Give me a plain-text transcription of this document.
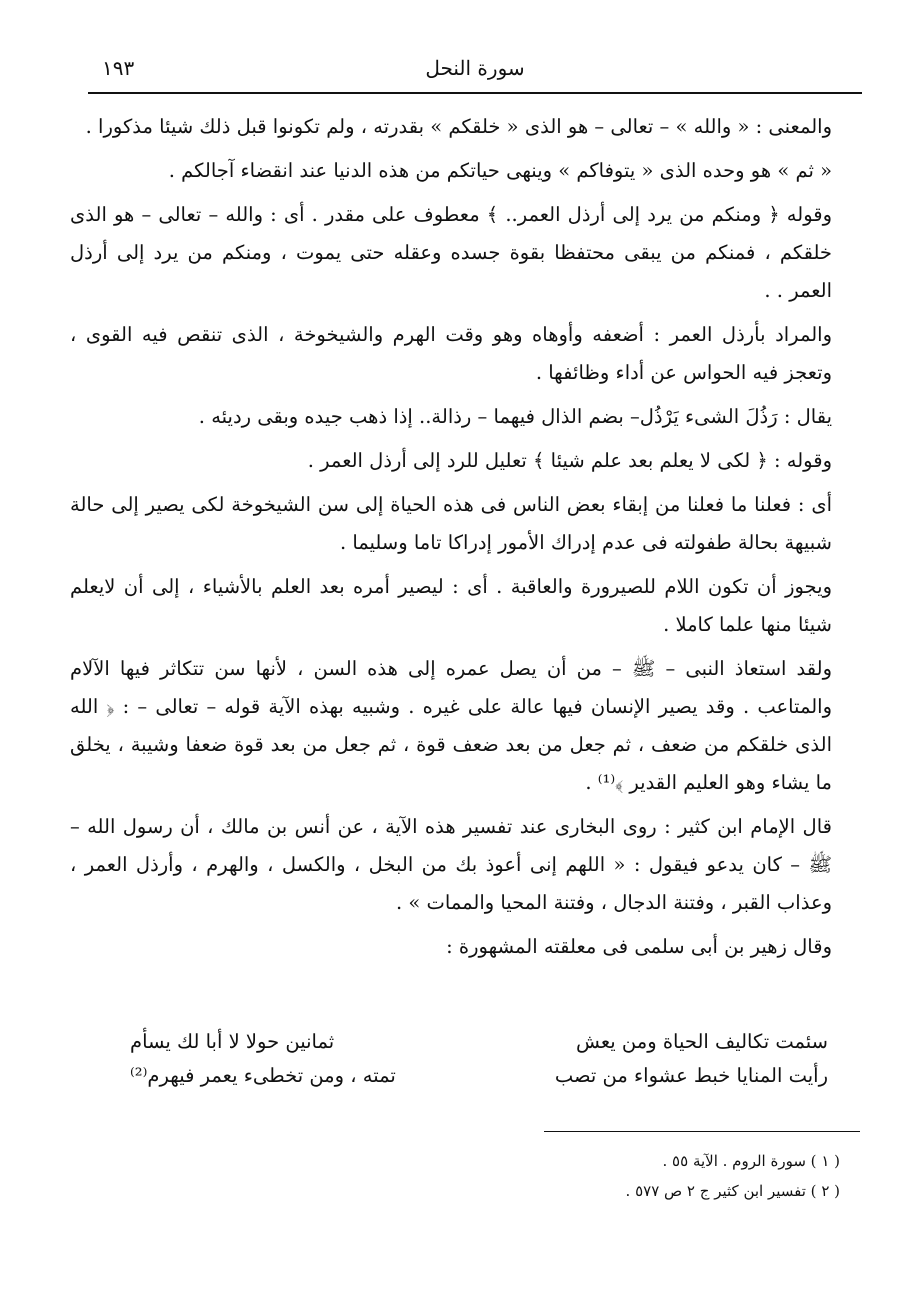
سورة النحل
١٩٣

والمعنى : « والله » – تعالى – هو الذى « خلقكم » بقدرته ، ولم تكونوا قبل ذلك شيئا مذكورا .

« ثم » هو وحده الذى « يتوفاكم » وينهى حياتكم من هذه الدنيا عند انقضاء آجالكم .

وقوله ﴿ ومنكم من يرد إلى أرذل العمر.. ﴾ معطوف على مقدر . أى : والله – تعالى – هو الذى خلقكم ، فمنكم من يبقى محتفظا بقوة جسده وعقله حتى يموت ، ومنكم من يرد إلى أرذل العمر . .

والمراد بأرذل العمر : أضعفه وأوهاه وهو وقت الهرم والشيخوخة ، الذى تنقص فيه القوى ، وتعجز فيه الحواس عن أداء وظائفها .

يقال : رَذُلَ الشىء يَرْذُل– بضم الذال فيهما – رذالة.. إذا ذهب جيده وبقى رديئه .

وقوله : ﴿ لكى لا يعلم بعد علم شيئا ﴾ تعليل للرد إلى أرذل العمر .

أى : فعلنا ما فعلنا من إبقاء بعض الناس فى هذه الحياة إلى سن الشيخوخة لكى يصير إلى حالة شبيهة بحالة طفولته فى عدم إدراك الأمور إدراكا تاما وسليما .

ويجوز أن تكون اللام للصيرورة والعاقبة . أى : ليصير أمره بعد العلم بالأشياء ، إلى أن لايعلم شيئا منها علما كاملا .

ولقد استعاذ النبى – ﷺ – من أن يصل عمره إلى هذه السن ، لأنها سن تتكاثر فيها الآلام والمتاعب . وقد يصير الإنسان فيها عالة على غيره . وشبيه بهذه الآية قوله – تعالى – : ﴿ الله الذى خلقكم من ضعف ، ثم جعل من بعد ضعف قوة ، ثم جعل من بعد قوة ضعفا وشيبة ، يخلق ما يشاء وهو العليم القدير ﴾⁽¹⁾ .

قال الإمام ابن كثير : روى البخارى عند تفسير هذه الآية ، عن أنس بن مالك ، أن رسول الله – ﷺ – كان يدعو فيقول : « اللهم إنى أعوذ بك من البخل ، والكسل ، والهرم ، وأرذل العمر ، وعذاب القبر ، وفتنة الدجال ، وفتنة المحيا والممات » .

وقال زهير بن أبى سلمى فى معلقته المشهورة :

سئمت تكاليف الحياة ومن يعش
ثمانين حولا لا أبا لك يسأم
رأيت المنايا خبط عشواء من تصب
تمته ، ومن تخطىء يعمر فيهرم⁽²⁾
( ١ ) سورة الروم . الآية ٥٥ .
( ٢ ) تفسير ابن كثير ج ٢ ص ٥٧٧ .
